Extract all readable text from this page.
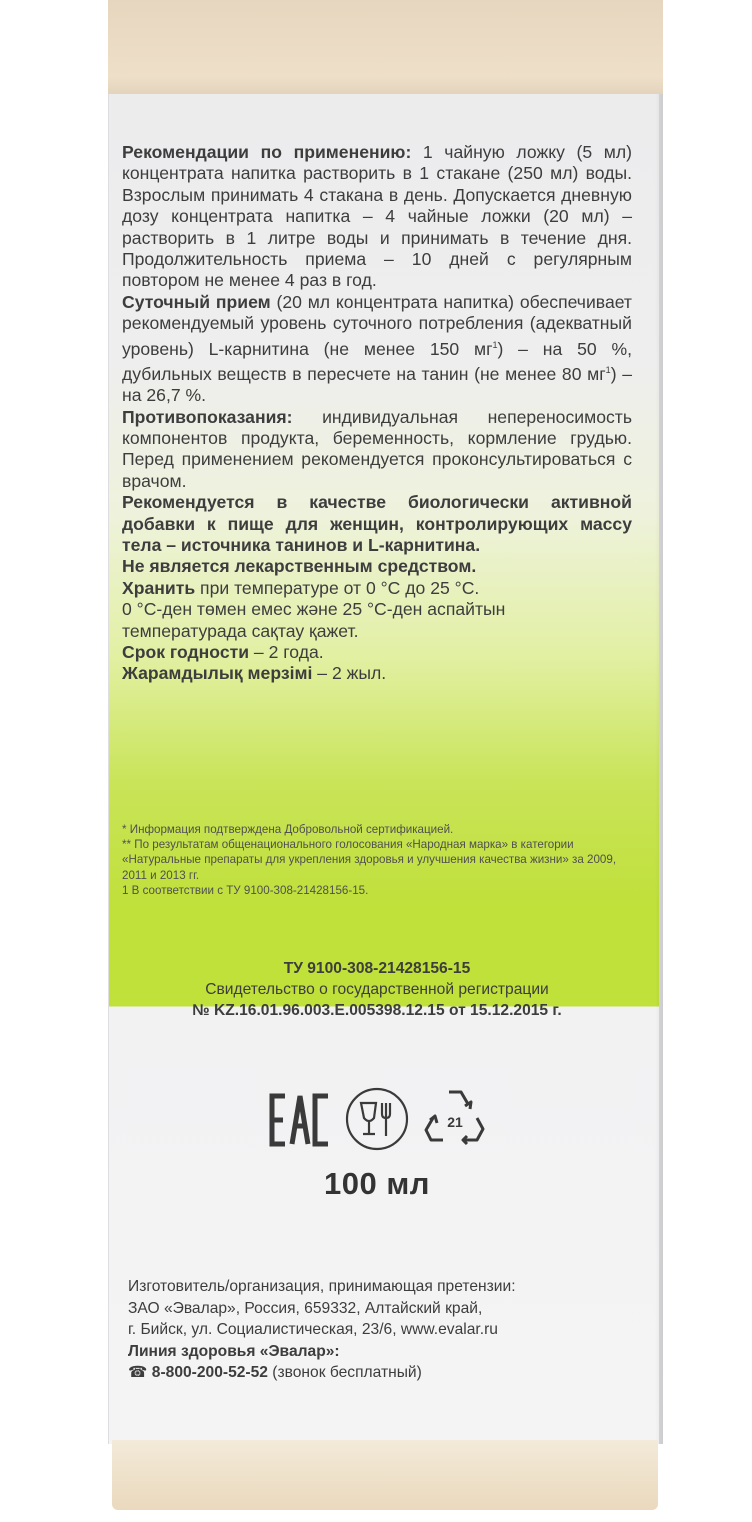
Рекомендации по применению: 1 чайную ложку (5 мл) концентрата напитка растворить в 1 стакане (250 мл) воды. Взрослым принимать 4 стакана в день. Допускается дневную дозу концентрата напитка – 4 чайные ложки (20 мл) – растворить в 1 литре воды и принимать в течение дня. Продолжительность приема – 10 дней с регулярным повтором не менее 4 раз в год.

Суточный прием (20 мл концентрата напитка) обеспечивает рекомендуемый уровень суточного потребления (адекватный уровень) L-карнитина (не менее 150 $мг^1$) – на 50 %, дубильных веществ в пересчете на танин (не менее 80 $мг^1$) – на 26,7 %.

Противопоказания: индивидуальная непереносимость компонентов продукта, беременность, кормление грудью. Перед применением рекомендуется проконсультироваться с врачом.

Рекомендуется в качестве биологически активной добавки к пище для женщин, контролирующих массу тела – источника танинов и L-карнитина.

Не является лекарственным средством.

Хранить при температуре от 0 °С до 25 °С.

0 °С-ден төмен емес және 25 °С-ден аспайтын температурада сақтау қажет.

Срок годности – 2 года.

Жарамдылық мерзімі – 2 жыл.

* Информация подтверждена Добровольной сертификацией.

** По результатам общенационального голосования «Народная марка» в категории «Натуральные препараты для укрепления здоровья и улучшения качества жизни» за 2009, 2011 и 2013 гг.

1 В соответствии с ТУ 9100-308-21428156-15.

ТУ 9100-308-21428156-15

Свидетельство о государственной регистрации

№ KZ.16.01.96.003.Е.005398.12.15 от 15.12.2015 г.

21
100 мл

Изготовитель/организация, принимающая претензии:

ЗАО «Эвалар», Россия, 659332, Алтайский край,

г. Бийск, ул. Социалистическая, 23/6, www.evalar.ru

Линия здоровья «Эвалар»:

☎ 8-800-200-52-52 (звонок бесплатный)
